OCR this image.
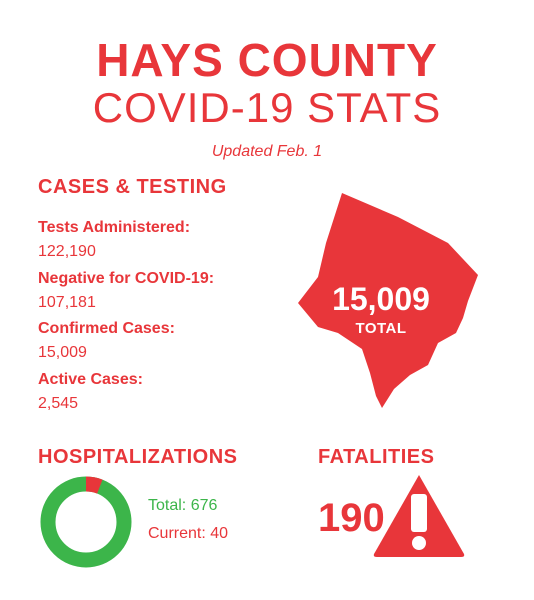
HAYS COUNTY
COVID-19 STATS
Updated Feb. 1
CASES & TESTING
Tests Administered:
122,190
Negative for COVID-19:
107,181
Confirmed Cases:
15,009
Active Cases:
2,545
15,009
TOTAL
HOSPITALIZATIONS
Total: 676
Current: 40
FATALITIES
190
